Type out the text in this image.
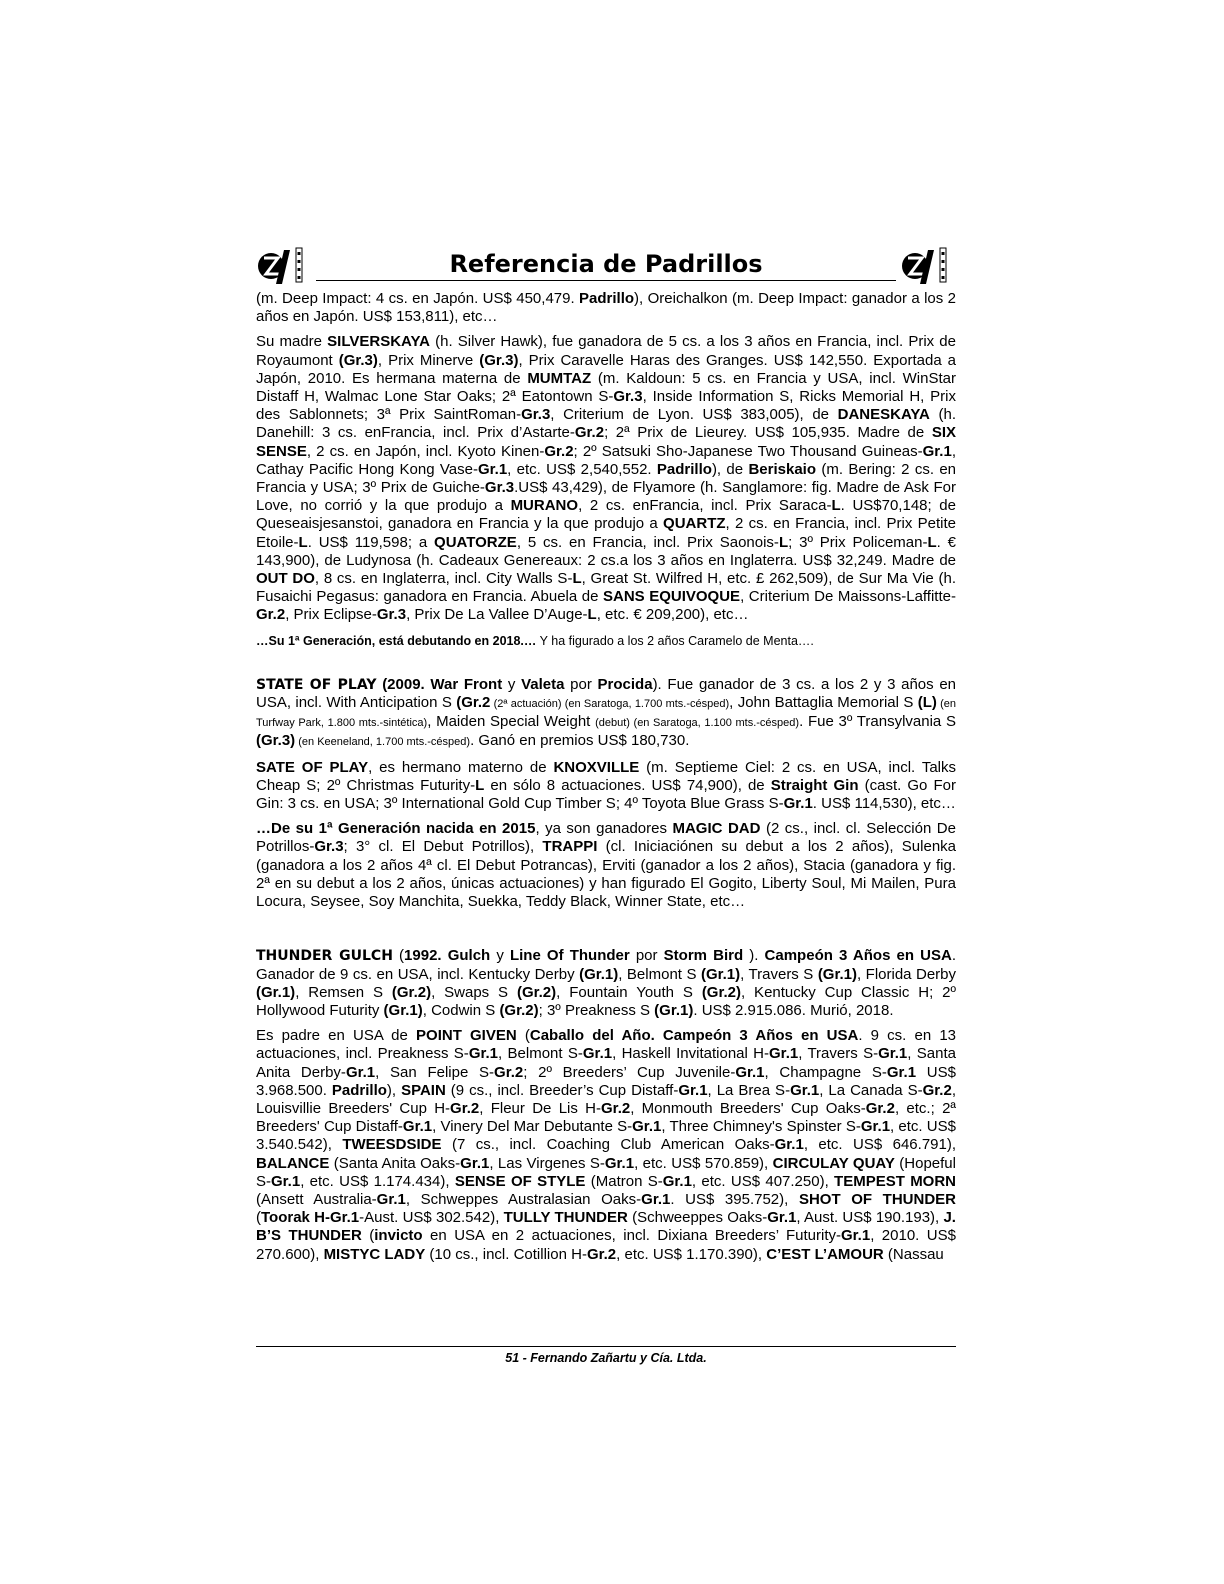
Referencia de Padrillos

(m. Deep Impact: 4 cs. en Japón. US$ 450,479. Padrillo), Oreichalkon (m. Deep Impact: ganador a los 2 años en Japón. US$ 153,811), etc…

Su madre SILVERSKAYA (h. Silver Hawk), fue ganadora de 5 cs. a los 3 años en Francia, incl. Prix de Royaumont (Gr.3), Prix Minerve (Gr.3), Prix Caravelle Haras des Granges. US$ 142,550. Exportada a Japón, 2010. Es hermana materna de MUMTAZ (m. Kaldoun: 5 cs. en Francia y USA, incl. WinStar Distaff H, Walmac Lone Star Oaks; 2ª Eatontown S-Gr.3, Inside Information S, Ricks Memorial H, Prix des Sablonnets; 3ª Prix SaintRoman-Gr.3, Criterium de Lyon. US$ 383,005), de DANESKAYA (h. Danehill: 3 cs. enFrancia, incl. Prix d’Astarte-Gr.2; 2ª Prix de Lieurey. US$ 105,935. Madre de SIX SENSE, 2 cs. en Japón, incl. Kyoto Kinen-Gr.2; 2º Satsuki Sho-Japanese Two Thousand Guineas-Gr.1, Cathay Pacific Hong Kong Vase-Gr.1, etc. US$ 2,540,552. Padrillo), de Beriskaio (m. Bering: 2 cs. en Francia y USA; 3º Prix de Guiche-Gr.3.US$ 43,429), de Flyamore (h. Sanglamore: fig. Madre de Ask For Love, no corrió y la que produjo a MURANO, 2 cs. enFrancia, incl. Prix Saraca-L. US$70,148; de Queseaisjesanstoi, ganadora en Francia y la que produjo a QUARTZ, 2 cs. en Francia, incl. Prix Petite Etoile-L. US$ 119,598; a QUATORZE, 5 cs. en Francia, incl. Prix Saonois-L; 3º Prix Policeman-L. € 143,900), de Ludynosa (h. Cadeaux Genereaux: 2 cs.a los 3 años en Inglaterra. US$ 32,249. Madre de OUT DO, 8 cs. en Inglaterra, incl. City Walls S-L, Great St. Wilfred H, etc. £ 262,509), de Sur Ma Vie (h. Fusaichi Pegasus: ganadora en Francia. Abuela de SANS EQUIVOQUE, Criterium De Maissons-Laffitte-Gr.2, Prix Eclipse-Gr.3, Prix De La Vallee D’Auge-L, etc. € 209,200), etc…

…Su 1ª Generación, está debutando en 2018.… Y ha figurado a los 2 años Caramelo de Menta….

STATE OF PLAY (2009. War Front y Valeta por Procida). Fue ganador de 3 cs. a los 2 y 3 años en USA, incl. With Anticipation S (Gr.2 (2ª actuación) (en Saratoga, 1.700 mts.-césped), John Battaglia Memorial S (L) (en Turfway Park, 1.800 mts.-sintética), Maiden Special Weight (debut) (en Saratoga, 1.100 mts.-césped). Fue 3º Transylvania S (Gr.3) (en Keeneland, 1.700 mts.-césped). Ganó en premios US$ 180,730.

SATE OF PLAY, es hermano materno de KNOXVILLE (m. Septieme Ciel: 2 cs. en USA, incl. Talks Cheap S; 2º Christmas Futurity-L en sólo 8 actuaciones. US$ 74,900), de Straight Gin (cast. Go For Gin: 3 cs. en USA; 3º International Gold Cup Timber S; 4º Toyota Blue Grass S-Gr.1. US$ 114,530), etc…

…De su 1ª Generación nacida en 2015, ya son ganadores MAGIC DAD (2 cs., incl. cl. Selección De Potrillos-Gr.3; 3° cl. El Debut Potrillos), TRAPPI (cl. Iniciaciónen su debut a los 2 años), Sulenka (ganadora a los 2 años 4ª cl. El Debut Potrancas), Erviti (ganador a los 2 años), Stacia (ganadora y fig. 2ª en su debut a los 2 años, únicas actuaciones) y han figurado El Gogito, Liberty Soul, Mi Mailen, Pura Locura, Seysee, Soy Manchita, Suekka, Teddy Black, Winner State, etc…

THUNDER GULCH (1992. Gulch y Line Of Thunder por Storm Bird ). Campeón 3 Años en USA. Ganador de 9 cs. en USA, incl. Kentucky Derby (Gr.1), Belmont S (Gr.1), Travers S (Gr.1), Florida Derby (Gr.1), Remsen S (Gr.2), Swaps S (Gr.2), Fountain Youth S (Gr.2), Kentucky Cup Classic H; 2º Hollywood Futurity (Gr.1), Codwin S (Gr.2); 3º Preakness S (Gr.1). US$ 2.915.086. Murió, 2018.

Es padre en USA de POINT GIVEN (Caballo del Año. Campeón 3 Años en USA. 9 cs. en 13 actuaciones, incl. Preakness S-Gr.1, Belmont S-Gr.1, Haskell Invitational H-Gr.1, Travers S-Gr.1, Santa Anita Derby-Gr.1, San Felipe S-Gr.2; 2º Breeders’ Cup Juvenile-Gr.1, Champagne S-Gr.1 US$ 3.968.500. Padrillo), SPAIN (9 cs., incl. Breeder’s Cup Distaff-Gr.1, La Brea S-Gr.1, La Canada S-Gr.2, Louisvillie Breeders' Cup H-Gr.2, Fleur De Lis H-Gr.2, Monmouth Breeders' Cup Oaks-Gr.2, etc.; 2ª Breeders' Cup Distaff-Gr.1, Vinery Del Mar Debutante S-Gr.1, Three Chimney's Spinster S-Gr.1, etc. US$ 3.540.542), TWEESDSIDE (7 cs., incl. Coaching Club American Oaks-Gr.1, etc. US$ 646.791), BALANCE (Santa Anita Oaks-Gr.1, Las Virgenes S-Gr.1, etc. US$ 570.859), CIRCULAY QUAY (Hopeful S-Gr.1, etc. US$ 1.174.434), SENSE OF STYLE (Matron S-Gr.1, etc. US$ 407.250), TEMPEST MORN (Ansett Australia-Gr.1, Schweppes Australasian Oaks-Gr.1. US$ 395.752), SHOT OF THUNDER (Toorak H-Gr.1-Aust. US$ 302.542), TULLY THUNDER (Schweeppes Oaks-Gr.1, Aust. US$ 190.193), J. B’S THUNDER (invicto en USA en 2 actuaciones, incl. Dixiana Breeders’ Futurity-Gr.1, 2010. US$ 270.600), MISTYC LADY (10 cs., incl. Cotillion H-Gr.2, etc. US$ 1.170.390), C’EST L’AMOUR (Nassau

51 - Fernando Zañartu y Cía. Ltda.
